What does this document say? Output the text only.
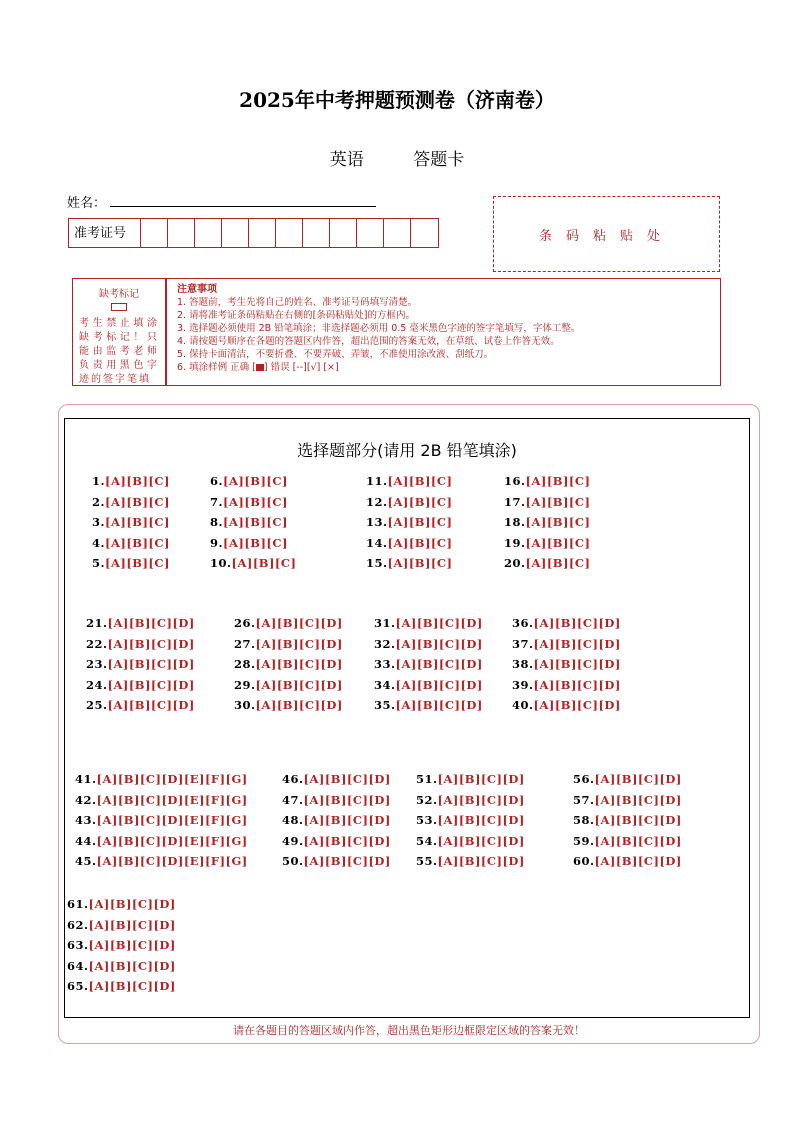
2025年中考押题预测卷（济南卷）
英语	答题卡
姓名：
准考证号	条码粘贴处
缺考标记
考生禁止填涂缺考标记！只能由监考老师负责用黑色字迹的签字笔填
注意事项
1. 答题前，考生先将自己的姓名、准考证号码填写清楚。
2. 请将准考证条码粘贴在右侧的[条码粘贴处]的方框内。
3. 选择题必须使用 2B 铅笔填涂；非选择题必须用 0.5 毫米黑色字迹的签字笔填写，字体工整。
4. 请按题号顺序在各题的答题区内作答，超出范围的答案无效，在草纸、试卷上作答无效。
5. 保持卡面清洁，不要折叠、不要弄破、弄皱，不准使用涂改液、刮纸刀。
6. 填涂样例 正确 [ ] 错误 [--][√] [×]
选择题部分(请用 2B 铅笔填涂)
1.[A][B][C]
2.[A][B][C]
3.[A][B][C]
4.[A][B][C]
5.[A][B][C]
6.[A][B][C]
7.[A][B][C]
8.[A][B][C]
9.[A][B][C]
10.[A][B][C]
11.[A][B][C]
12.[A][B][C]
13.[A][B][C]
14.[A][B][C]
15.[A][B][C]
16.[A][B][C]
17.[A][B][C]
18.[A][B][C]
19.[A][B][C]
20.[A][B][C]
21.[A][B][C][D]
22.[A][B][C][D]
23.[A][B][C][D]
24.[A][B][C][D]
25.[A][B][C][D]
26.[A][B][C][D]
27.[A][B][C][D]
28.[A][B][C][D]
29.[A][B][C][D]
30.[A][B][C][D]
31.[A][B][C][D]
32.[A][B][C][D]
33.[A][B][C][D]
34.[A][B][C][D]
35.[A][B][C][D]
36.[A][B][C][D]
37.[A][B][C][D]
38.[A][B][C][D]
39.[A][B][C][D]
40.[A][B][C][D]
41.[A][B][C][D][E][F][G]
42.[A][B][C][D][E][F][G]
43.[A][B][C][D][E][F][G]
44.[A][B][C][D][E][F][G]
45.[A][B][C][D][E][F][G]
46.[A][B][C][D]
47.[A][B][C][D]
48.[A][B][C][D]
49.[A][B][C][D]
50.[A][B][C][D]
51.[A][B][C][D]
52.[A][B][C][D]
53.[A][B][C][D]
54.[A][B][C][D]
55.[A][B][C][D]
56.[A][B][C][D]
57.[A][B][C][D]
58.[A][B][C][D]
59.[A][B][C][D]
60.[A][B][C][D]
61.[A][B][C][D]
62.[A][B][C][D]
63.[A][B][C][D]
64.[A][B][C][D]
65.[A][B][C][D]
请在各题目的答题区域内作答，超出黑色矩形边框限定区域的答案无效！
